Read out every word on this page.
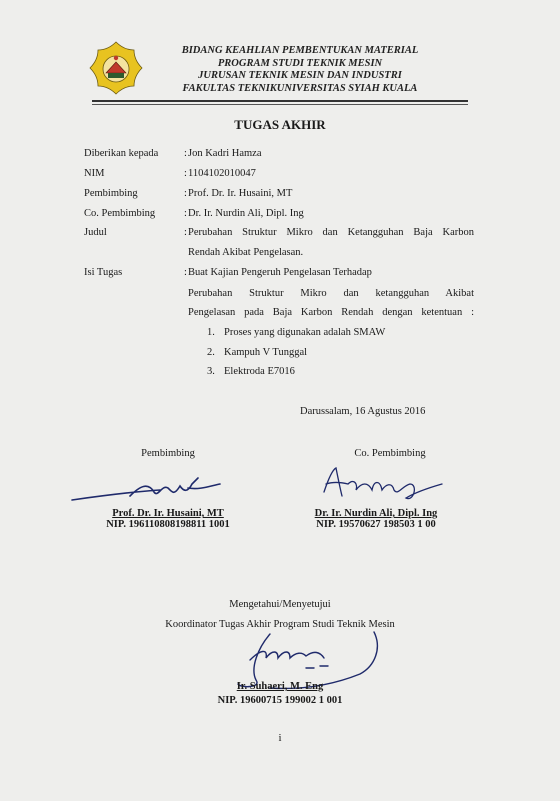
BIDANG KEAHLIAN PEMBENTUKAN MATERIAL
PROGRAM STUDI TEKNIK MESIN
JURUSAN TEKNIK MESIN DAN INDUSTRI
FAKULTAS TEKNIKUNIVERSITAS SYIAH KUALA
TUGAS AKHIR
Diberikan kepada : Jon Kadri Hamza
NIM	: 1104102010047
Pembimbing	: Prof. Dr. Ir. Husaini, MT
Co. Pembimbing	: Dr. Ir. Nurdin Ali, Dipl. Ing
Judul	: Perubahan Struktur Mikro dan Ketangguhan Baja Karbon
Rendah Akibat Pengelasan.
Isi Tugas	: Buat Kajian Pengeruh Pengelasan Terhadap
Perubahan Struktur Mikro dan ketangguhan Akibat
Pengelasan pada Baja Karbon Rendah dengan ketentuan :
1. Proses yang digunakan adalah SMAW
2. Kampuh V Tunggal
3. Elektroda E7016
Darussalam, 16 Agustus 2016
Pembimbing
Prof. Dr. Ir. Husaini, MT
NIP. 196110808198811 1001
Co. Pembimbing
Dr. Ir. Nurdin Ali, Dipl. Ing
NIP. 19570627 198503 1 00
Mengetahui/Menyetujui
Koordinator Tugas Akhir Program Studi Teknik Mesin
Ir. Suhaeri, M. Eng
NIP. 19600715 199002 1 001
i
